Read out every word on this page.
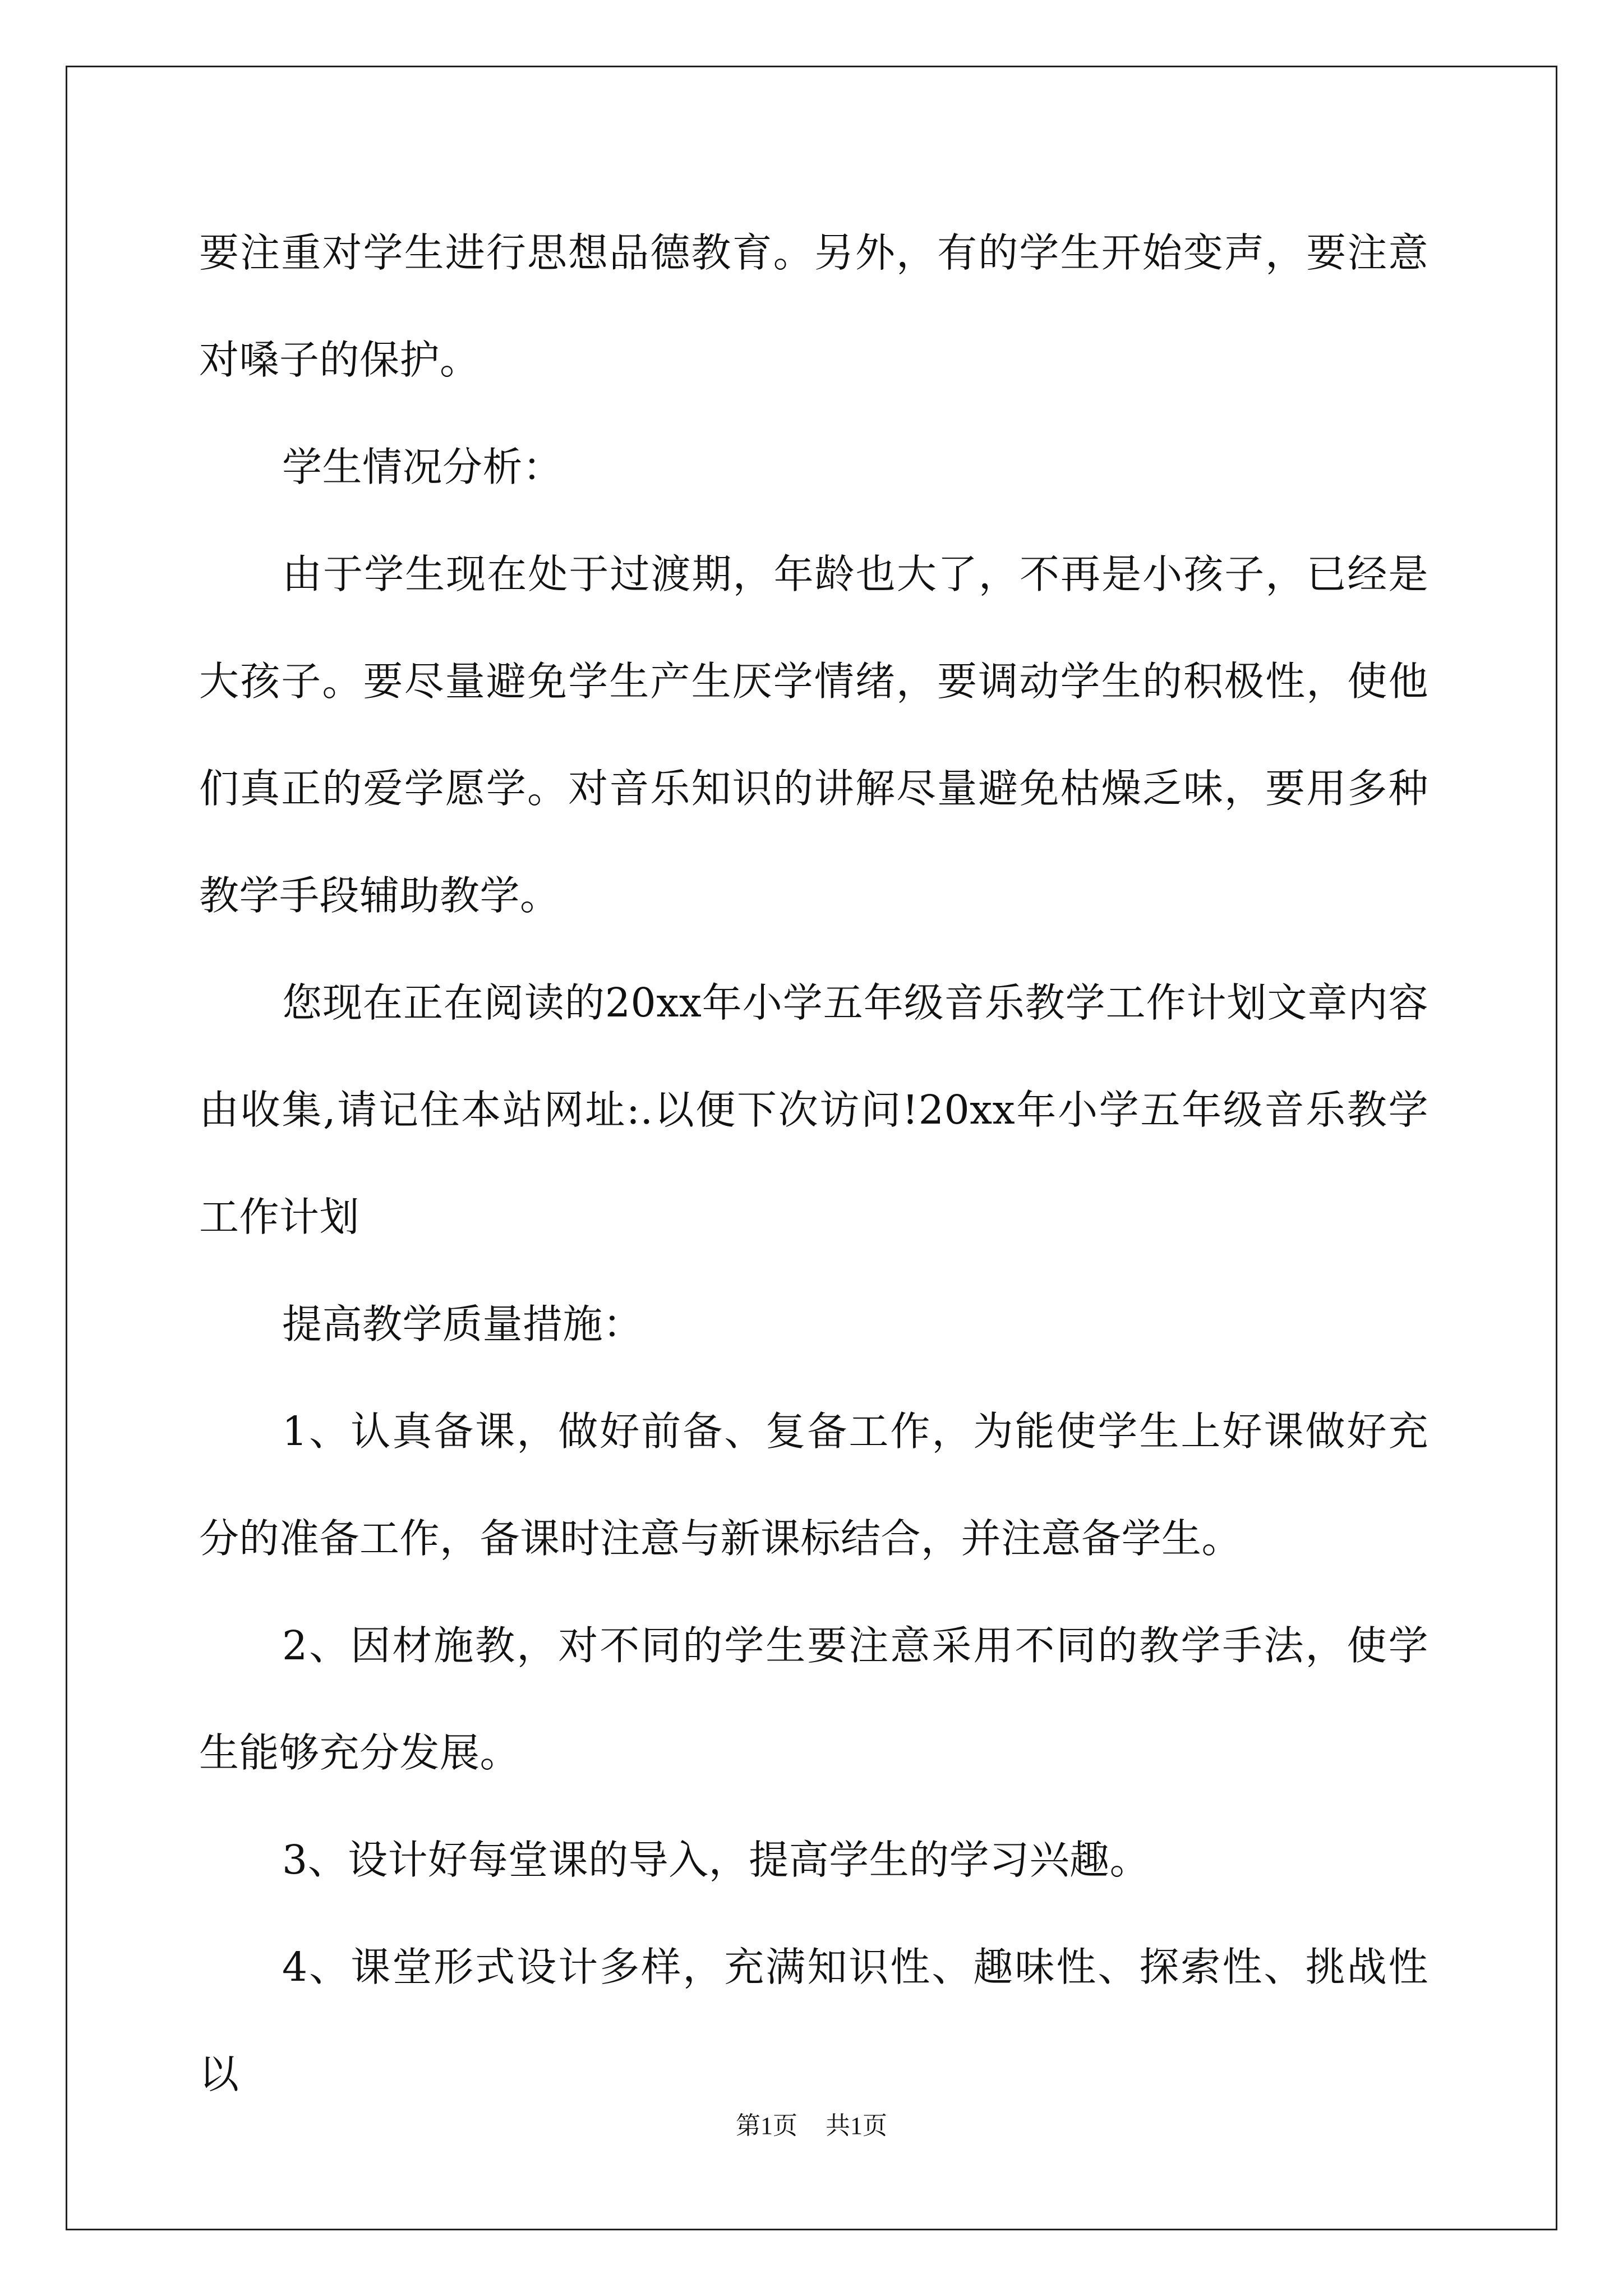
要注重对学生进行思想品德教育。另外，有的学生开始变声，要注意对嗓子的保护。

学生情况分析：

由于学生现在处于过渡期，年龄也大了，不再是小孩子，已经是大孩子。要尽量避免学生产生厌学情绪，要调动学生的积极性，使他们真正的爱学愿学。对音乐知识的讲解尽量避免枯燥乏味，要用多种教学手段辅助教学。

您现在正在阅读的20xx年小学五年级音乐教学工作计划文章内容由收集,请记住本站网址:.以便下次访问!20xx年小学五年级音乐教学工作计划

提高教学质量措施：

1、认真备课，做好前备、复备工作，为能使学生上好课做好充分的准备工作，备课时注意与新课标结合，并注意备学生。

2、因材施教，对不同的学生要注意采用不同的教学手法，使学生能够充分发展。

3、设计好每堂课的导入，提高学生的学习兴趣。

4、课堂形式设计多样，充满知识性、趣味性、探索性、挑战性以

第1页 共1页
